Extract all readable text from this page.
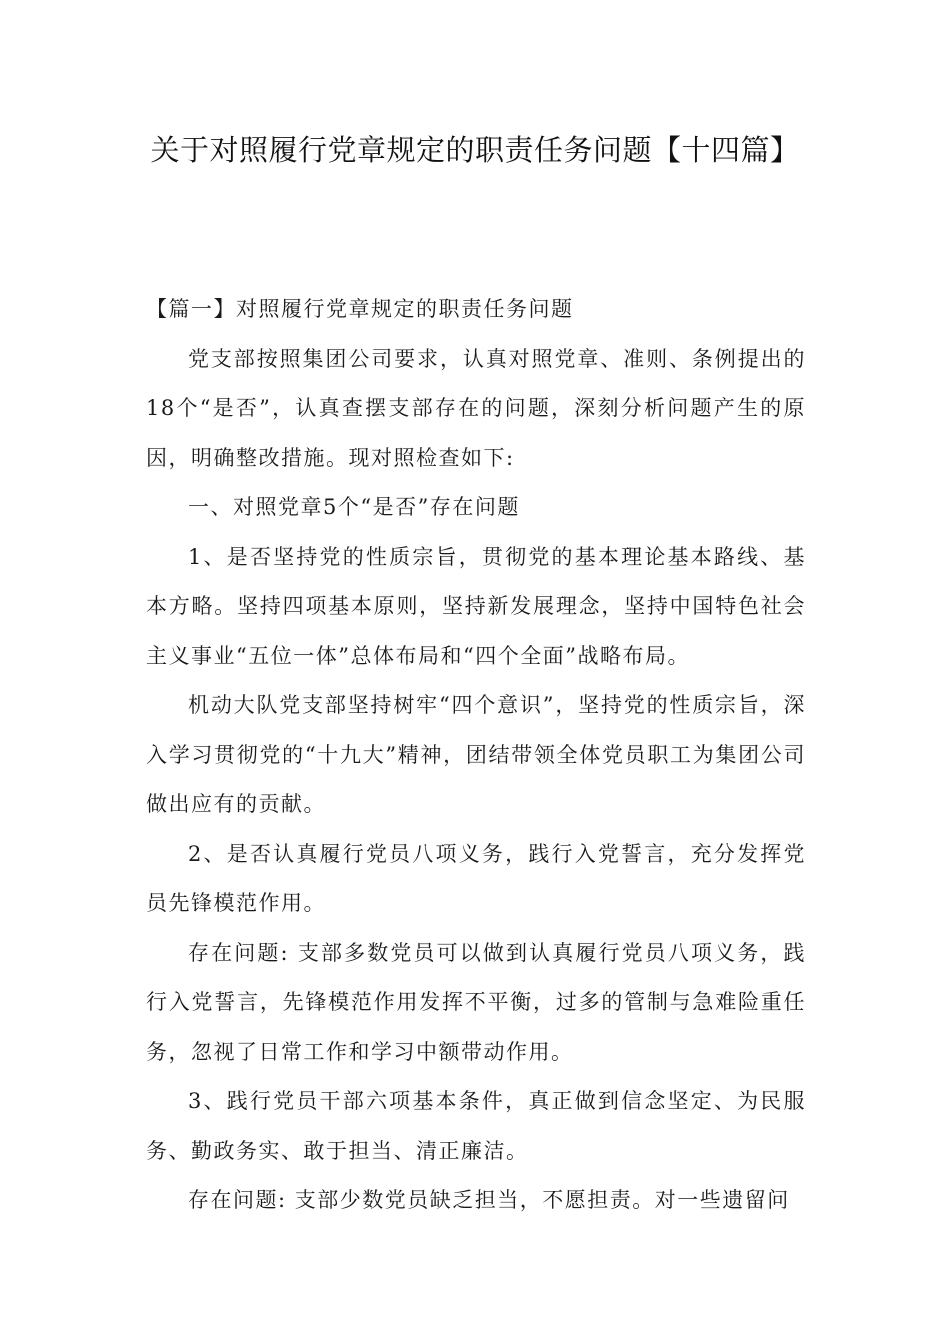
关于对照履行党章规定的职责任务问题【十四篇】

【篇一】对照履行党章规定的职责任务问题

党支部按照集团公司要求，认真对照党章、准则、条例提出的18个“是否”，认真查摆支部存在的问题，深刻分析问题产生的原因，明确整改措施。现对照检查如下:

一、对照党章5个“是否”存在问题

1、是否坚持党的性质宗旨，贯彻党的基本理论基本路线、基本方略。坚持四项基本原则，坚持新发展理念，坚持中国特色社会主义事业“五位一体”总体布局和“四个全面”战略布局。

机动大队党支部坚持树牢“四个意识”，坚持党的性质宗旨，深入学习贯彻党的“十九大”精神，团结带领全体党员职工为集团公司做出应有的贡献。

2、是否认真履行党员八项义务，践行入党誓言，充分发挥党员先锋模范作用。

存在问题: 支部多数党员可以做到认真履行党员八项义务，践行入党誓言，先锋模范作用发挥不平衡，过多的管制与急难险重任务，忽视了日常工作和学习中额带动作用。

3、践行党员干部六项基本条件，真正做到信念坚定、为民服务、勤政务实、敢于担当、清正廉洁。

存在问题: 支部少数党员缺乏担当，不愿担责。对一些遗留问
